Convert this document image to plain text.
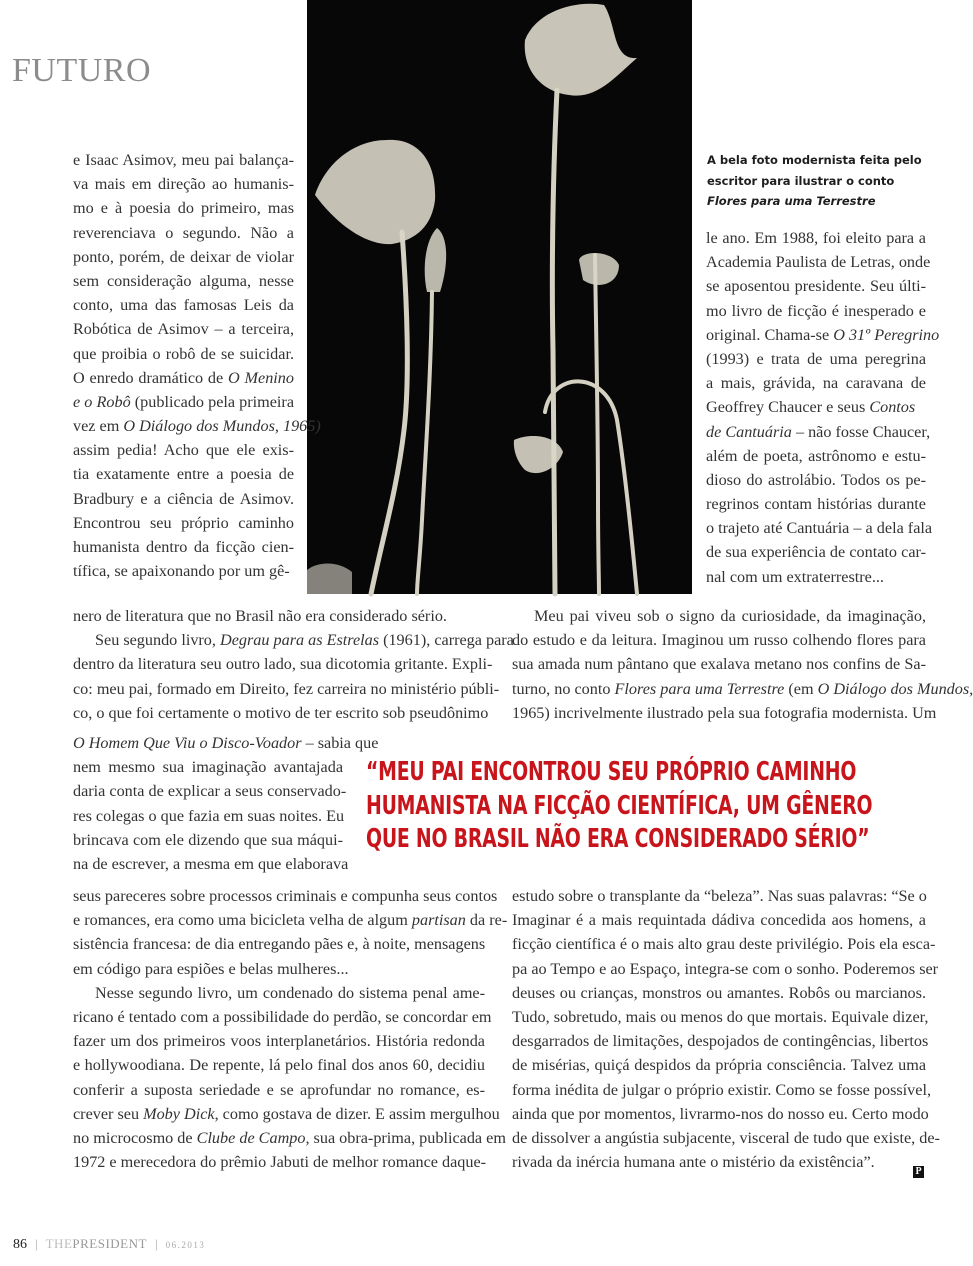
FUTURO
A bela foto modernista feita pelo
escritor para ilustrar o conto
Flores para uma Terrestre
e Isaac Asimov, meu pai balança-
va mais em direção ao humanis-
mo e à poesia do primeiro, mas
reverenciava o segundo. Não a
ponto, porém, de deixar de violar
sem consideração alguma, nesse
conto, uma das famosas Leis da
Robótica de Asimov – a terceira,
que proibia o robô de se suicidar.
O enredo dramático de O Menino
e o Robô (publicado pela primeira
vez em O Diálogo dos Mundos, 1965)
assim pedia! Acho que ele exis-
tia exatamente entre a poesia de
Bradbury e a ciência de Asimov.
Encontrou seu próprio caminho
humanista dentro da ficção cien-
tífica, se apaixonando por um gê-
nero de literatura que no Brasil não era considerado sério.
Seu segundo livro, Degrau para as Estrelas (1961), carrega para
dentro da literatura seu outro lado, sua dicotomia gritante. Expli-
co: meu pai, formado em Direito, fez carreira no ministério públi-
co, o que foi certamente o motivo de ter escrito sob pseudônimo
O Homem Que Viu o Disco-Voador – sabia que
nem mesmo sua imaginação avantajada
daria conta de explicar a seus conservado-
res colegas o que fazia em suas noites. Eu
brincava com ele dizendo que sua máqui-
na de escrever, a mesma em que elaborava
seus pareceres sobre processos criminais e compunha seus contos
e romances, era como uma bicicleta velha de algum partisan da re-
sistência francesa: de dia entregando pães e, à noite, mensagens
em código para espiões e belas mulheres...
Nesse segundo livro, um condenado do sistema penal ame-
ricano é tentado com a possibilidade do perdão, se concordar em
fazer um dos primeiros voos interplanetários. História redonda
e hollywoodiana. De repente, lá pelo final dos anos 60, decidiu
conferir a suposta seriedade e se aprofundar no romance, es-
crever seu Moby Dick, como gostava de dizer. E assim mergulhou
no microcosmo de Clube de Campo, sua obra-prima, publicada em
1972 e merecedora do prêmio Jabuti de melhor romance daque-
le ano. Em 1988, foi eleito para a
Academia Paulista de Letras, onde
se aposentou presidente. Seu últi-
mo livro de ficção é inesperado e
original. Chama-se O 31º Peregrino
(1993) e trata de uma peregrina
a mais, grávida, na caravana de
Geoffrey Chaucer e seus Contos
de Cantuária – não fosse Chaucer,
além de poeta, astrônomo e estu-
dioso do astrolábio. Todos os pe-
regrinos contam histórias durante
o trajeto até Cantuária – a dela fala
de sua experiência de contato car-
nal com um extraterrestre...
Meu pai viveu sob o signo da curiosidade, da imaginação,
do estudo e da leitura. Imaginou um russo colhendo flores para
sua amada num pântano que exalava metano nos confins de Sa-
turno, no conto Flores para uma Terrestre (em O Diálogo dos Mundos,
1965) incrivelmente ilustrado pela sua fotografia modernista. Um
“MEU PAI ENCONTROU SEU PRÓPRIO CAMINHO
HUMANISTA NA FICÇÃO CIENTÍFICA, UM GÊNERO
QUE NO BRASIL NÃO ERA CONSIDERADO SÉRIO”
estudo sobre o transplante da “beleza”. Nas suas palavras: “Se o
Imaginar é a mais requintada dádiva concedida aos homens, a
ficção científica é o mais alto grau deste privilégio. Pois ela esca-
pa ao Tempo e ao Espaço, integra-se com o sonho. Poderemos ser
deuses ou crianças, monstros ou amantes. Robôs ou marcianos.
Tudo, sobretudo, mais ou menos do que mortais. Equivale dizer,
desgarrados de limitações, despojados de contingências, libertos
de misérias, quiçá despidos da própria consciência. Talvez uma
forma inédita de julgar o próprio existir. Como se fosse possível,
ainda que por momentos, livrarmo-nos do nosso eu. Certo modo
de dissolver a angústia subjacente, visceral de tudo que existe, de-
rivada da inércia humana ante o mistério da existência”.
P
86 | THEPRESIDENT | 06.2013
